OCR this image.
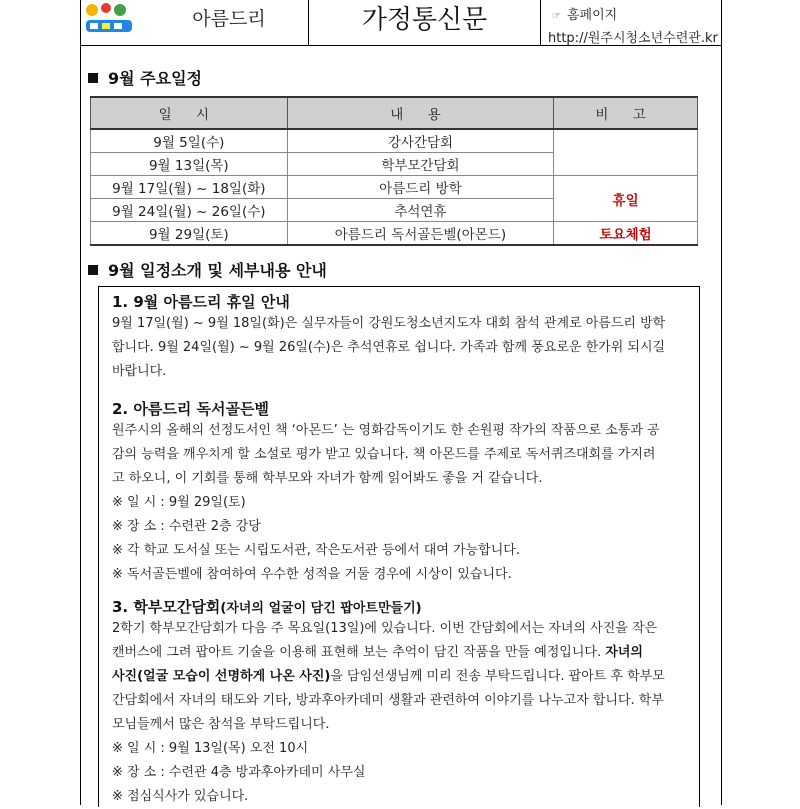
아름드리	가정통신문	☞ 홈페이지
http://원주시청소년수련관.kr
9월 주요일정
일 시	내 용	비 고
9월 5일(수)	강사간담회	
9월 13일(목)	학부모간담회	
9월 17일(월) ~ 18일(화)	아름드리 방학	휴일
9월 24일(월) ~ 26일(수)	추석연휴	
9월 29일(토)	아름드리 독서골든벨(아몬드)	토요체험
9월 일정소개 및 세부내용 안내
1. 9월 아름드리 휴일 안내
9월 17일(월) ~ 9월 18일(화)은 실무자들이 강원도청소년지도자 대회 참석 관계로 아름드리 방학
합니다. 9월 24일(월) ~ 9월 26일(수)은 추석연휴로 쉽니다. 가족과 함께 풍요로운 한가위 되시길
바랍니다.
2. 아름드리 독서골든벨
원주시의 올해의 선정도서인 책 ‘아몬드’ 는 영화감독이기도 한 손원평 작가의 작품으로 소통과 공
감의 능력을 깨우치게 할 소설로 평가 받고 있습니다. 책 아몬드를 주제로 독서퀴즈대회를 가지려
고 하오니, 이 기회를 통해 학부모와 자녀가 함께 읽어봐도 좋을 거 같습니다.
※ 일 시 : 9월 29일(토)
※ 장 소 : 수련관 2층 강당
※ 각 학교 도서실 또는 시립도서관, 작은도서관 등에서 대여 가능합니다.
※ 독서골든벨에 참여하여 우수한 성적을 거둘 경우에 시상이 있습니다.
3. 학부모간담회(자녀의 얼굴이 담긴 팝아트만들기)
2학기 학부모간담회가 다음 주 목요일(13일)에 있습니다. 이번 간담회에서는 자녀의 사진을 작은
캔버스에 그려 팝아트 기술을 이용해 표현해 보는 추억이 담긴 작품을 만들 예정입니다. 자녀의
사진(얼굴 모습이 선명하게 나온 사진)을 담임선생님께 미리 전송 부탁드립니다. 팝아트 후 학부모
간담회에서 자녀의 태도와 기타, 방과후아카데미 생활과 관련하여 이야기를 나누고자 합니다. 학부
모님들께서 많은 참석을 부탁드립니다.
※ 일 시 : 9월 13일(목) 오전 10시
※ 장 소 : 수련관 4층 방과후아카데미 사무실
※ 점심식사가 있습니다.
